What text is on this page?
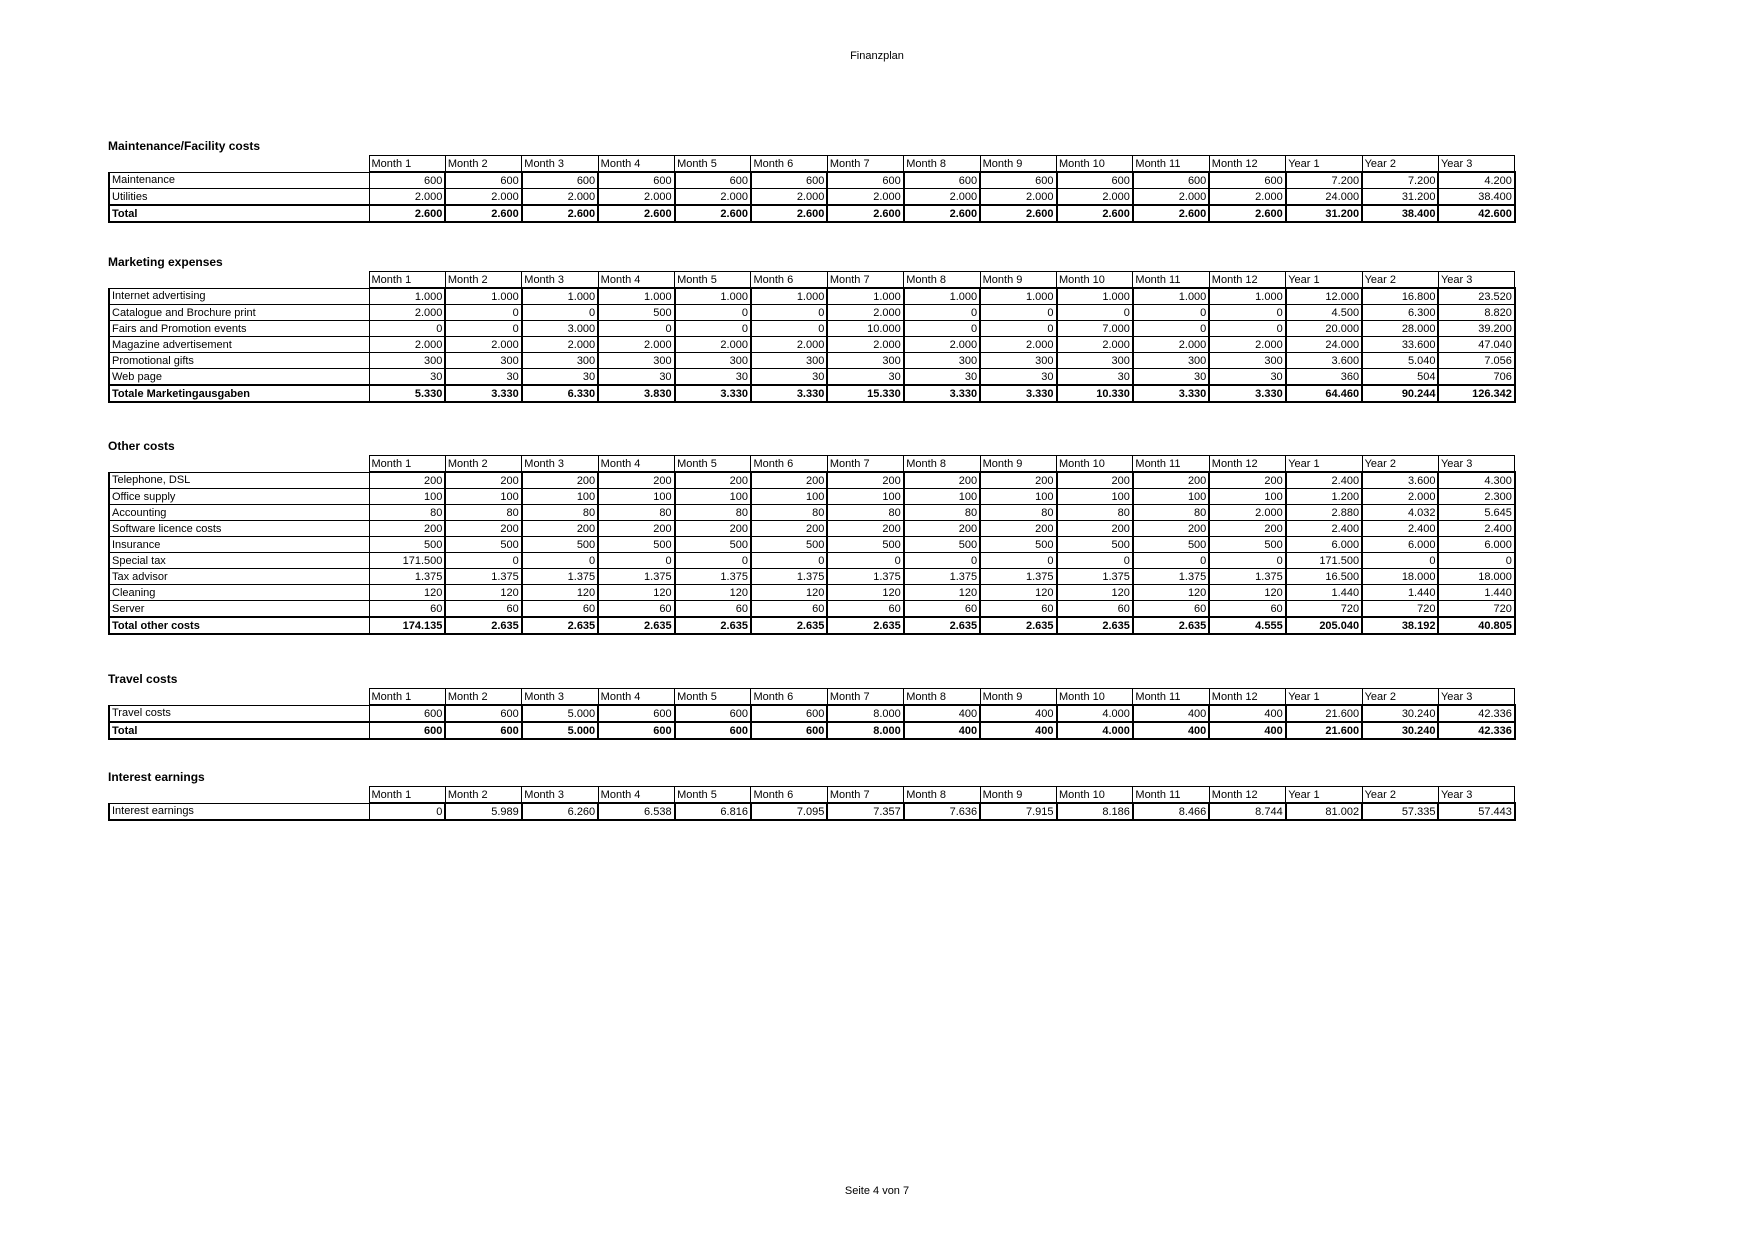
Finanzplan
Maintenance/Facility costs
	Month 1	Month 2	Month 3	Month 4	Month 5	Month 6	Month 7	Month 8	Month 9	Month 10	Month 11	Month 12	Year 1	Year 2	Year 3
Maintenance	600	600	600	600	600	600	600	600	600	600	600	600	7.200	7.200	4.200
Utilities	2.000	2.000	2.000	2.000	2.000	2.000	2.000	2.000	2.000	2.000	2.000	2.000	24.000	31.200	38.400
Total	2.600	2.600	2.600	2.600	2.600	2.600	2.600	2.600	2.600	2.600	2.600	2.600	31.200	38.400	42.600
Marketing expenses
	Month 1	Month 2	Month 3	Month 4	Month 5	Month 6	Month 7	Month 8	Month 9	Month 10	Month 11	Month 12	Year 1	Year 2	Year 3
Internet advertising	1.000	1.000	1.000	1.000	1.000	1.000	1.000	1.000	1.000	1.000	1.000	1.000	12.000	16.800	23.520
Catalogue and Brochure print	2.000	0	0	500	0	0	2.000	0	0	0	0	0	4.500	6.300	8.820
Fairs and Promotion events	0	0	3.000	0	0	0	10.000	0	0	7.000	0	0	20.000	28.000	39.200
Magazine advertisement	2.000	2.000	2.000	2.000	2.000	2.000	2.000	2.000	2.000	2.000	2.000	2.000	24.000	33.600	47.040
Promotional gifts	300	300	300	300	300	300	300	300	300	300	300	300	3.600	5.040	7.056
Web page	30	30	30	30	30	30	30	30	30	30	30	30	360	504	706
Totale Marketingausgaben	5.330	3.330	6.330	3.830	3.330	3.330	15.330	3.330	3.330	10.330	3.330	3.330	64.460	90.244	126.342
Other costs
	Month 1	Month 2	Month 3	Month 4	Month 5	Month 6	Month 7	Month 8	Month 9	Month 10	Month 11	Month 12	Year 1	Year 2	Year 3
Telephone, DSL	200	200	200	200	200	200	200	200	200	200	200	200	2.400	3.600	4.300
Office supply	100	100	100	100	100	100	100	100	100	100	100	100	1.200	2.000	2.300
Accounting	80	80	80	80	80	80	80	80	80	80	80	2.000	2.880	4.032	5.645
Software licence costs	200	200	200	200	200	200	200	200	200	200	200	200	2.400	2.400	2.400
Insurance	500	500	500	500	500	500	500	500	500	500	500	500	6.000	6.000	6.000
Special tax	171.500	0	0	0	0	0	0	0	0	0	0	0	171.500	0	0
Tax advisor	1.375	1.375	1.375	1.375	1.375	1.375	1.375	1.375	1.375	1.375	1.375	1.375	16.500	18.000	18.000
Cleaning	120	120	120	120	120	120	120	120	120	120	120	120	1.440	1.440	1.440
Server	60	60	60	60	60	60	60	60	60	60	60	60	720	720	720
Total other costs	174.135	2.635	2.635	2.635	2.635	2.635	2.635	2.635	2.635	2.635	2.635	4.555	205.040	38.192	40.805
Travel costs
	Month 1	Month 2	Month 3	Month 4	Month 5	Month 6	Month 7	Month 8	Month 9	Month 10	Month 11	Month 12	Year 1	Year 2	Year 3
Travel costs	600	600	5.000	600	600	600	8.000	400	400	4.000	400	400	21.600	30.240	42.336
Total	600	600	5.000	600	600	600	8.000	400	400	4.000	400	400	21.600	30.240	42.336
Interest earnings
	Month 1	Month 2	Month 3	Month 4	Month 5	Month 6	Month 7	Month 8	Month 9	Month 10	Month 11	Month 12	Year 1	Year 2	Year 3
Interest earnings	0	5.989	6.260	6.538	6.816	7.095	7.357	7.636	7.915	8.186	8.466	8.744	81.002	57.335	57.443
Seite 4 von 7
